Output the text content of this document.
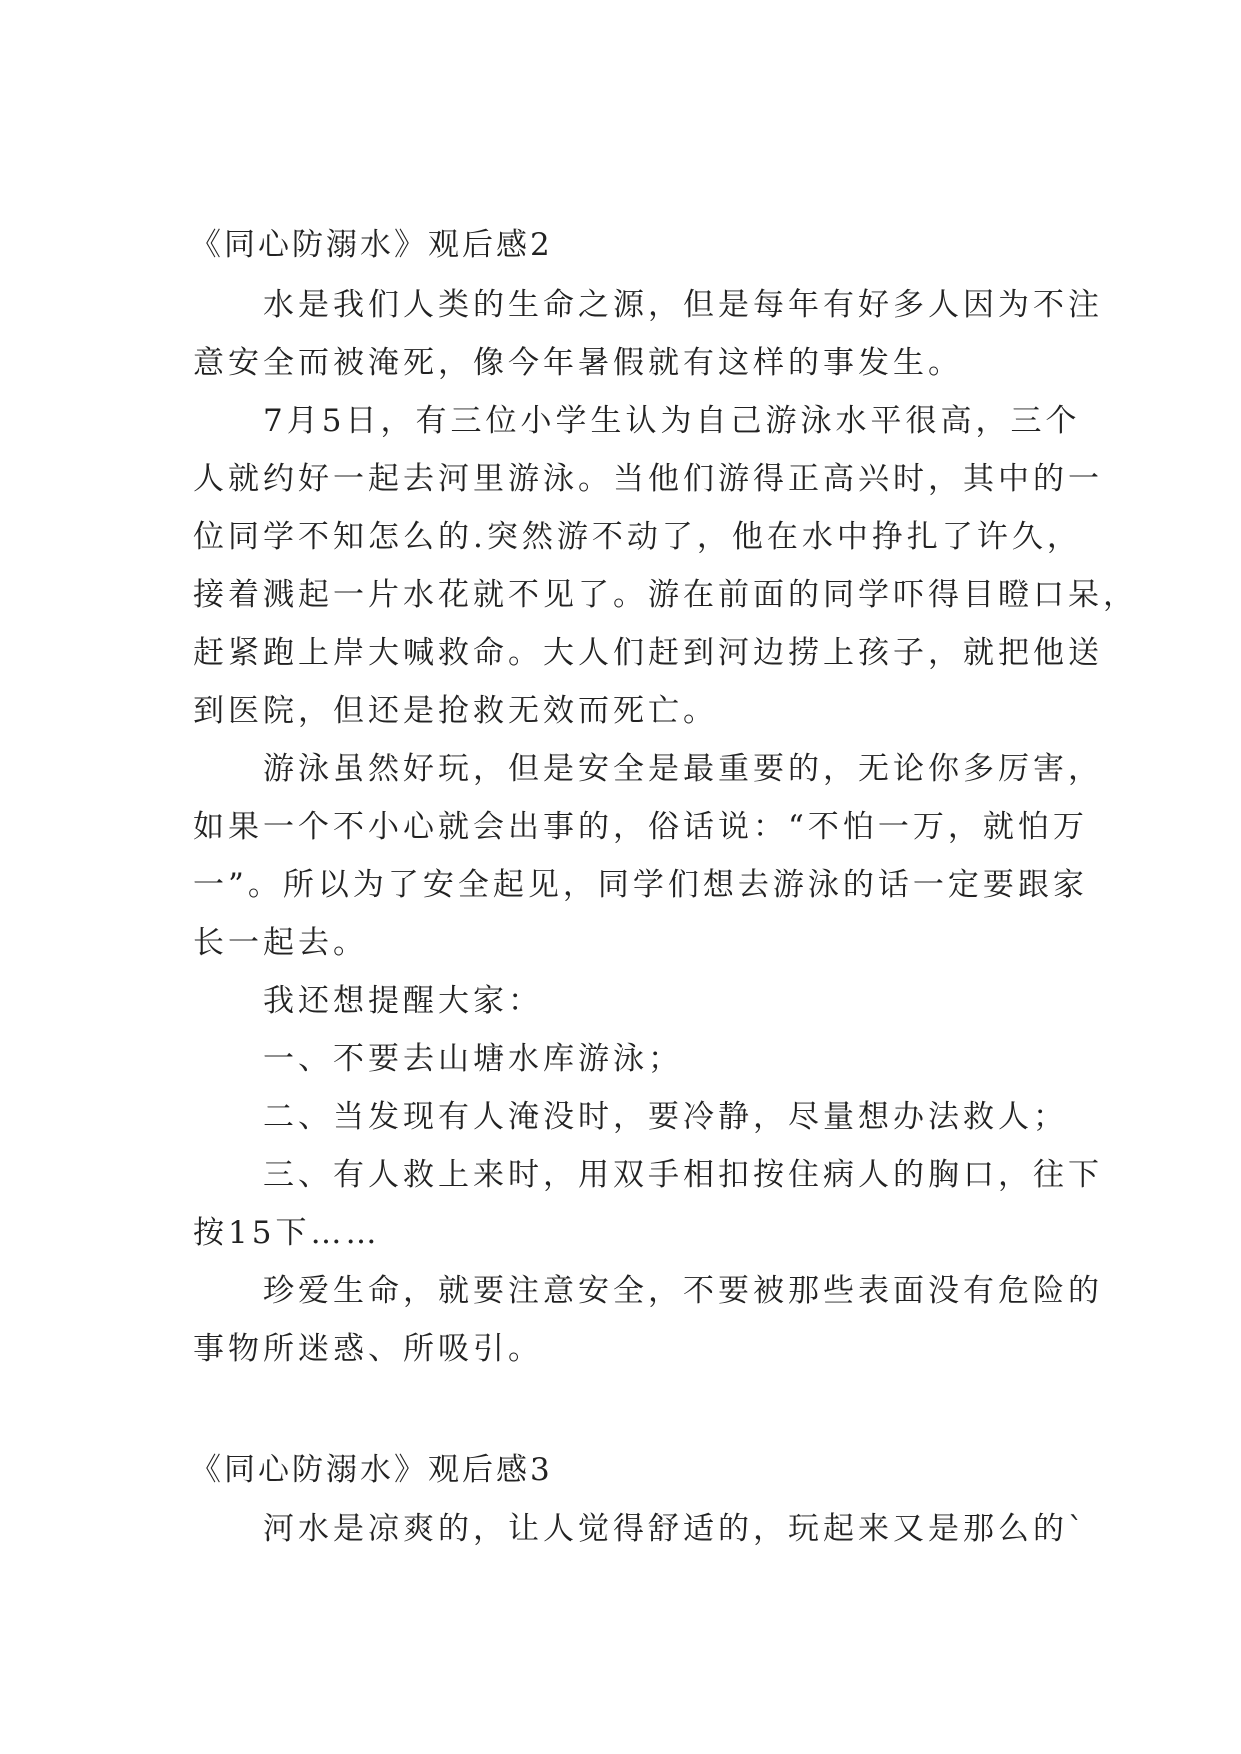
《同心防溺水》观后感2
　　水是我们人类的生命之源，但是每年有好多人因为不注
意安全而被淹死，像今年暑假就有这样的事发生。
　　7月5日，有三位小学生认为自己游泳水平很高，三个
人就约好一起去河里游泳。当他们游得正高兴时，其中的一
位同学不知怎么的.突然游不动了，他在水中挣扎了许久，
接着溅起一片水花就不见了。游在前面的同学吓得目瞪口呆，
赶紧跑上岸大喊救命。大人们赶到河边捞上孩子，就把他送
到医院，但还是抢救无效而死亡。
　　游泳虽然好玩，但是安全是最重要的，无论你多厉害，
如果一个不小心就会出事的，俗话说：“不怕一万，就怕万
一”。所以为了安全起见，同学们想去游泳的话一定要跟家
长一起去。
　　我还想提醒大家：
　　一、不要去山塘水库游泳；
　　二、当发现有人淹没时，要冷静，尽量想办法救人；
　　三、有人救上来时，用双手相扣按住病人的胸口，往下
按15下……
　　珍爱生命，就要注意安全，不要被那些表面没有危险的
事物所迷惑、所吸引。
《同心防溺水》观后感3
　　河水是凉爽的，让人觉得舒适的，玩起来又是那么的`
